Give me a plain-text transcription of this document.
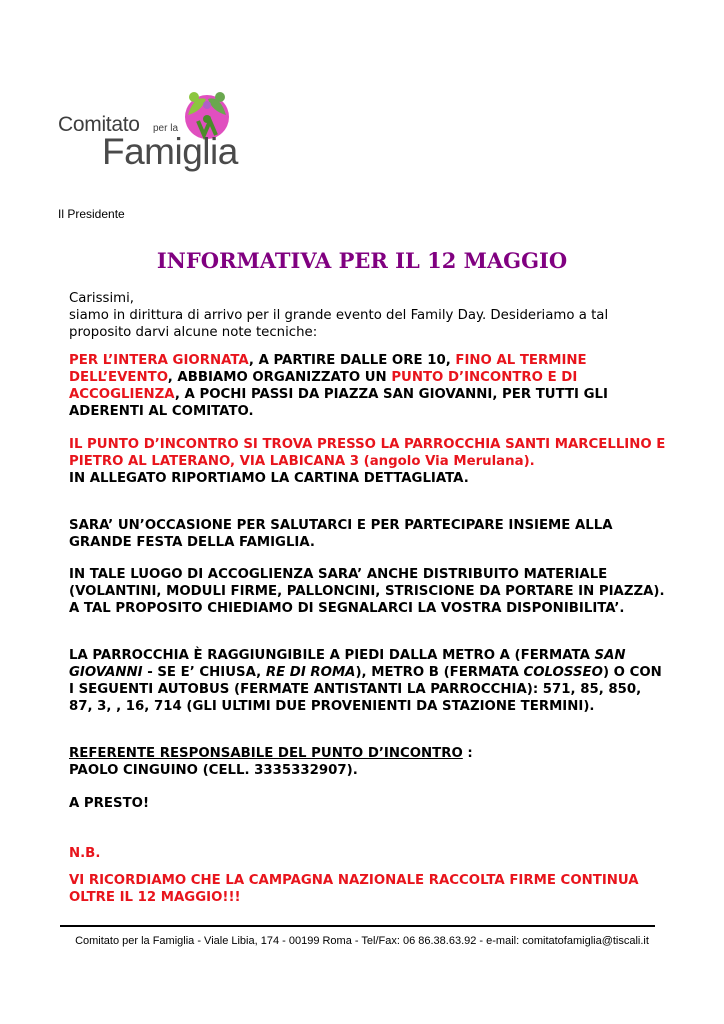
Comitato per la
Famiglia
Il Presidente
INFORMATIVA PER IL 12 MAGGIO

Carissimi,

siamo in dirittura di arrivo per il grande evento del Family Day. Desideriamo a tal proposito darvi alcune note tecniche:

PER L’INTERA GIORNATA, A PARTIRE DALLE ORE 10, FINO AL TERMINE DELL’EVENTO, ABBIAMO ORGANIZZATO UN PUNTO D’INCONTRO E DI ACCOGLIENZA, A POCHI PASSI DA PIAZZA SAN GIOVANNI, PER TUTTI GLI ADERENTI AL COMITATO.

IL PUNTO D’INCONTRO SI TROVA PRESSO LA PARROCCHIA SANTI MARCELLINO E PIETRO AL LATERANO, VIA LABICANA 3 (angolo Via Merulana).

IN ALLEGATO RIPORTIAMO LA CARTINA DETTAGLIATA.

SARA’ UN’OCCASIONE PER SALUTARCI E PER PARTECIPARE INSIEME ALLA GRANDE FESTA DELLA FAMIGLIA.

IN TALE LUOGO DI ACCOGLIENZA SARA’ ANCHE DISTRIBUITO MATERIALE (VOLANTINI, MODULI FIRME, PALLONCINI, STRISCIONE DA PORTARE IN PIAZZA).

A TAL PROPOSITO CHIEDIAMO DI SEGNALARCI LA VOSTRA DISPONIBILITA’.

LA PARROCCHIA È RAGGIUNGIBILE A PIEDI DALLA METRO A (FERMATA SAN GIOVANNI - SE E’ CHIUSA, RE DI ROMA), METRO B (FERMATA COLOSSEO) O CON I SEGUENTI AUTOBUS (FERMATE ANTISTANTI LA PARROCCHIA): 571, 85, 850, 87, 3, , 16, 714 (GLI ULTIMI DUE PROVENIENTI DA STAZIONE TERMINI).

REFERENTE RESPONSABILE DEL PUNTO D’INCONTRO :

PAOLO CINGUINO (CELL. 3335332907).

A PRESTO!
N.B.
VI RICORDIAMO CHE LA CAMPAGNA NAZIONALE RACCOLTA FIRME CONTINUA OLTRE IL 12 MAGGIO!!!
Comitato per la Famiglia - Viale Libia, 174 - 00199 Roma - Tel/Fax: 06 86.38.63.92 - e-mail: comitatofamiglia@tiscali.it
